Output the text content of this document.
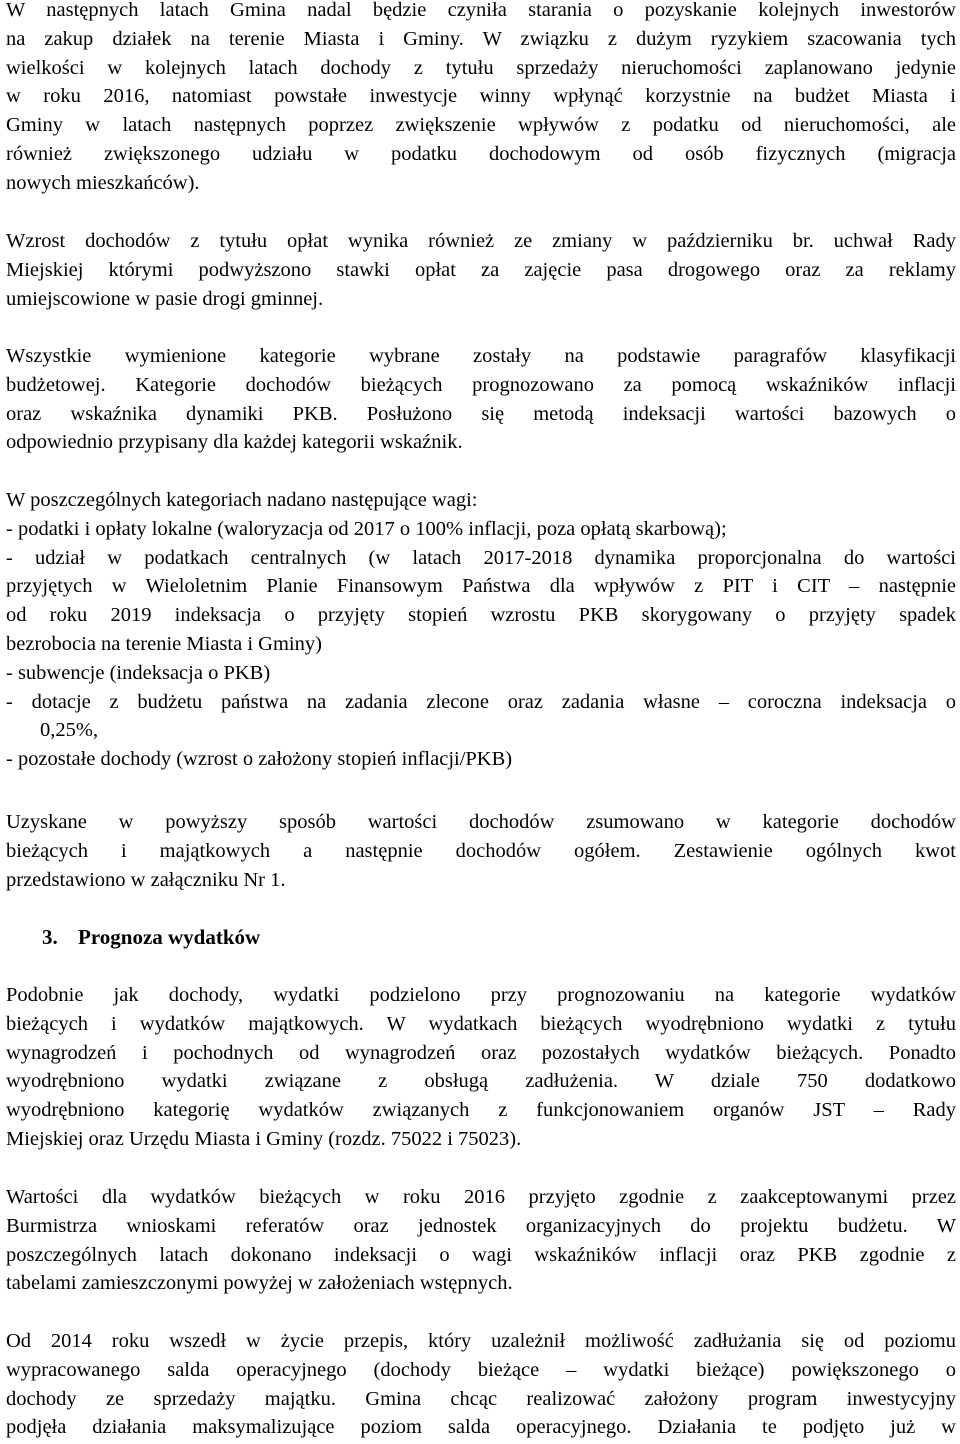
W następnych latach Gmina nadal będzie czyniła starania o pozyskanie kolejnych inwestorów
na zakup działek na terenie Miasta i Gminy. W związku z dużym ryzykiem szacowania tych
wielkości w kolejnych latach dochody z tytułu sprzedaży nieruchomości zaplanowano jedynie
w roku 2016, natomiast powstałe inwestycje winny wpłynąć korzystnie na budżet Miasta i
Gminy w latach następnych poprzez zwiększenie wpływów z podatku od nieruchomości, ale
również zwiększonego udziału w podatku dochodowym od osób fizycznych (migracja
nowych mieszkańców).
Wzrost dochodów z tytułu opłat wynika również ze zmiany w październiku br. uchwał Rady
Miejskiej którymi podwyższono stawki opłat za zajęcie pasa drogowego oraz za reklamy
umiejscowione w pasie drogi gminnej.
Wszystkie wymienione kategorie wybrane zostały na podstawie paragrafów klasyfikacji
budżetowej. Kategorie dochodów bieżących prognozowano za pomocą wskaźników inflacji
oraz wskaźnika dynamiki PKB. Posłużono się metodą indeksacji wartości bazowych o
odpowiednio przypisany dla każdej kategorii wskaźnik.
W poszczególnych kategoriach nadano następujące wagi:
- podatki i opłaty lokalne (waloryzacja od 2017 o 100% inflacji, poza opłatą skarbową);
- udział w podatkach centralnych (w latach 2017-2018 dynamika proporcjonalna do wartości
przyjętych w Wieloletnim Planie Finansowym Państwa dla wpływów z PIT i CIT – następnie
od roku 2019 indeksacja o przyjęty stopień wzrostu PKB skorygowany o przyjęty spadek
bezrobocia na terenie Miasta i Gminy)
- subwencje (indeksacja o PKB)
- dotacje z budżetu państwa na zadania zlecone oraz zadania własne – coroczna indeksacja o
0,25%,
- pozostałe dochody (wzrost o założony stopień inflacji/PKB)
Uzyskane w powyższy sposób wartości dochodów zsumowano w kategorie dochodów
bieżących i majątkowych a następnie dochodów ogółem. Zestawienie ogólnych kwot
przedstawiono w załączniku Nr 1.
3. Prognoza wydatków
Podobnie jak dochody, wydatki podzielono przy prognozowaniu na kategorie wydatków
bieżących i wydatków majątkowych. W wydatkach bieżących wyodrębniono wydatki z tytułu
wynagrodzeń i pochodnych od wynagrodzeń oraz pozostałych wydatków bieżących. Ponadto
wyodrębniono wydatki związane z obsługą zadłużenia. W dziale 750 dodatkowo
wyodrębniono kategorię wydatków związanych z funkcjonowaniem organów JST – Rady
Miejskiej oraz Urzędu Miasta i Gminy (rozdz. 75022 i 75023).
Wartości dla wydatków bieżących w roku 2016 przyjęto zgodnie z zaakceptowanymi przez
Burmistrza wnioskami referatów oraz jednostek organizacyjnych do projektu budżetu. W
poszczególnych latach dokonano indeksacji o wagi wskaźników inflacji oraz PKB zgodnie z
tabelami zamieszczonymi powyżej w założeniach wstępnych.
Od 2014 roku wszedł w życie przepis, który uzależnił możliwość zadłużania się od poziomu
wypracowanego salda operacyjnego (dochody bieżące – wydatki bieżące) powiększonego o
dochody ze sprzedaży majątku. Gmina chcąc realizować założony program inwestycyjny
podjęła działania maksymalizujące poziom salda operacyjnego. Działania te podjęto już w
